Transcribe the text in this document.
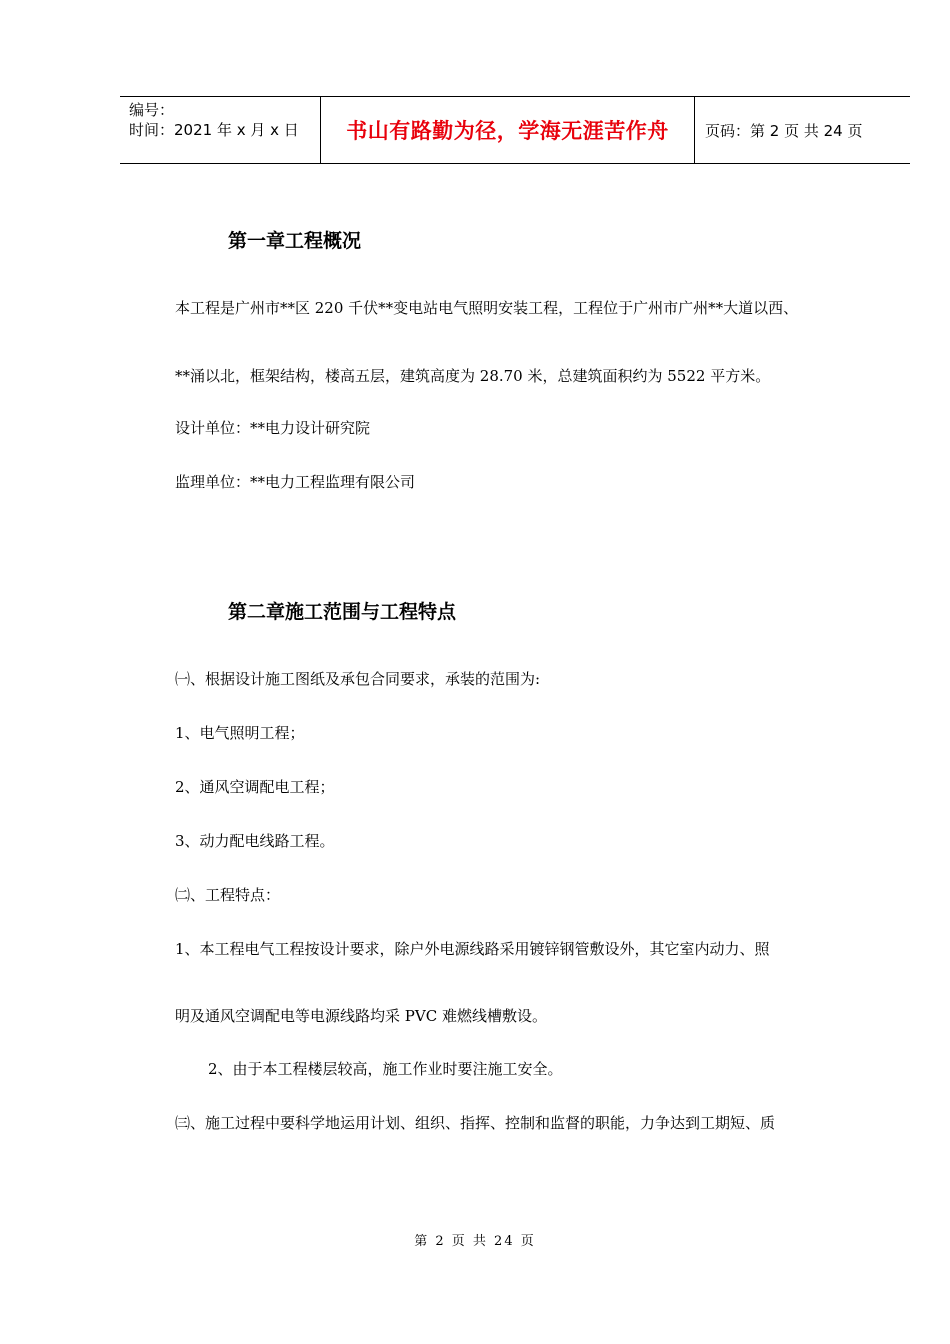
编号：
时间：2021 年 x 月 x 日	书山有路勤为径，学海无涯苦作舟	页码：第 2 页 共 24 页
第一章工程概况
本工程是广州市**区 220 千伏**变电站电气照明安装工程，工程位于广州市广州**大道以西、
**涌以北，框架结构，楼高五层，建筑高度为 28.70 米，总建筑面积约为 5522 平方米。
设计单位：**电力设计研究院
监理单位：**电力工程监理有限公司
第二章施工范围与工程特点
㈠、根据设计施工图纸及承包合同要求，承装的范围为:
1、电气照明工程；
2、通风空调配电工程；
3、动力配电线路工程。
㈡、工程特点：
1、本工程电气工程按设计要求，除户外电源线路采用镀锌钢管敷设外，其它室内动力、照
明及通风空调配电等电源线路均采 PVC 难燃线槽敷设。
2、由于本工程楼层较高，施工作业时要注施工安全。
㈢、施工过程中要科学地运用计划、组织、指挥、控制和监督的职能，力争达到工期短、质
第 2 页 共 24 页
